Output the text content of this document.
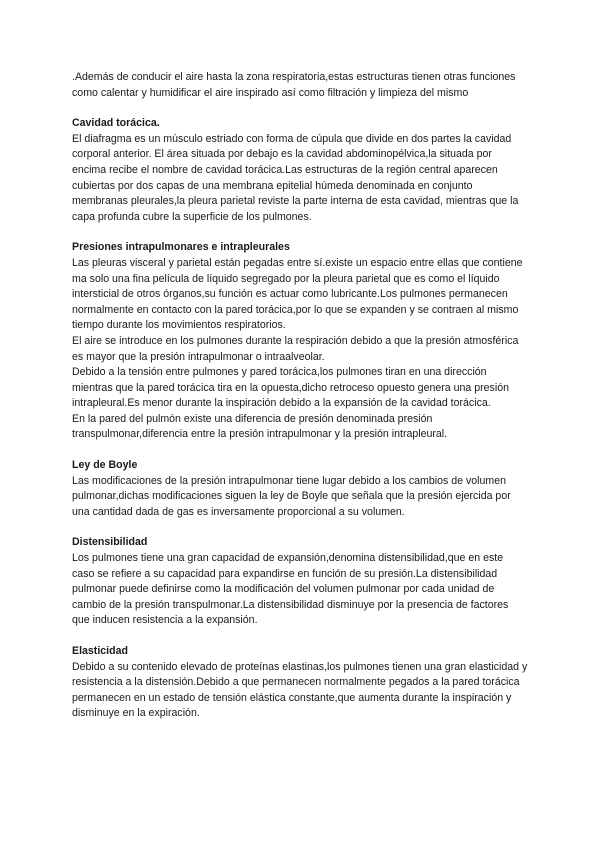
.Además de conducir el aire hasta la zona respiratoria,estas estructuras tienen otras funciones como calentar y humidificar el aire inspirado así como filtración y limpieza del mismo

Cavidad torácica.

El diafragma es un músculo estriado con forma de cúpula que divide en dos partes la cavidad corporal anterior. El área situada por debajo es la cavidad abdominopélvica,la situada por encima recibe el nombre de cavidad torácica.Las estructuras de la región central aparecen cubiertas por dos capas de una membrana epitelial húmeda denominada en conjunto membranas pleurales,la pleura parietal reviste la parte interna de esta cavidad, mientras que la capa profunda cubre la superficie de los pulmones.

Presiones intrapulmonares e intrapleurales

Las pleuras visceral y parietal están pegadas entre sí.existe un espacio entre ellas que contiene ma solo una fina película de líquido segregado por la pleura parietal que es como el líquido intersticial de otros órganos,su función es actuar como lubricante.Los pulmones permanecen normalmente en contacto con la pared torácica,por lo que se expanden y se contraen al mismo tiempo durante los movimientos respiratorios.

El aire se introduce en los pulmones durante la respiración debido a que la presión atmosférica es mayor que la presión intrapulmonar o intraalveolar.

Debido a la tensión entre pulmones y pared torácica,los pulmones tiran en una dirección mientras que la pared torácica tira en la opuesta,dicho retroceso opuesto genera una presión intrapleural.Es menor durante la inspiración debido a la expansión de la cavidad torácica.

En la pared del pulmón existe una diferencia de presión denominada presión transpulmonar,diferencia entre la presión intrapulmonar y la presión intrapleural.

Ley de Boyle

Las modificaciones de la presión intrapulmonar tiene lugar debido a los cambios de volumen pulmonar,dichas modificaciones siguen la ley de Boyle que señala que la presión ejercida por una cantidad dada de gas es inversamente proporcional a su volumen.

Distensibilidad

Los pulmones tiene una gran capacidad de expansión,denomina distensibilidad,que en este caso se refiere a su capacidad para expandirse en función de su presión.La distensibilidad pulmonar puede definirse como la modificación del volumen pulmonar por cada unidad de cambio de la presión transpulmonar.La distensibilidad disminuye por la presencia de factores que inducen resistencia a la expansión.

Elasticidad

Debido a su contenido elevado de proteínas elastinas,los pulmones tienen una gran elasticidad y resistencia a la distensión.Debido a que permanecen normalmente pegados a la pared torácica permanecen en un estado de tensión elástica constante,que aumenta durante la inspiración y disminuye en la expiración.
